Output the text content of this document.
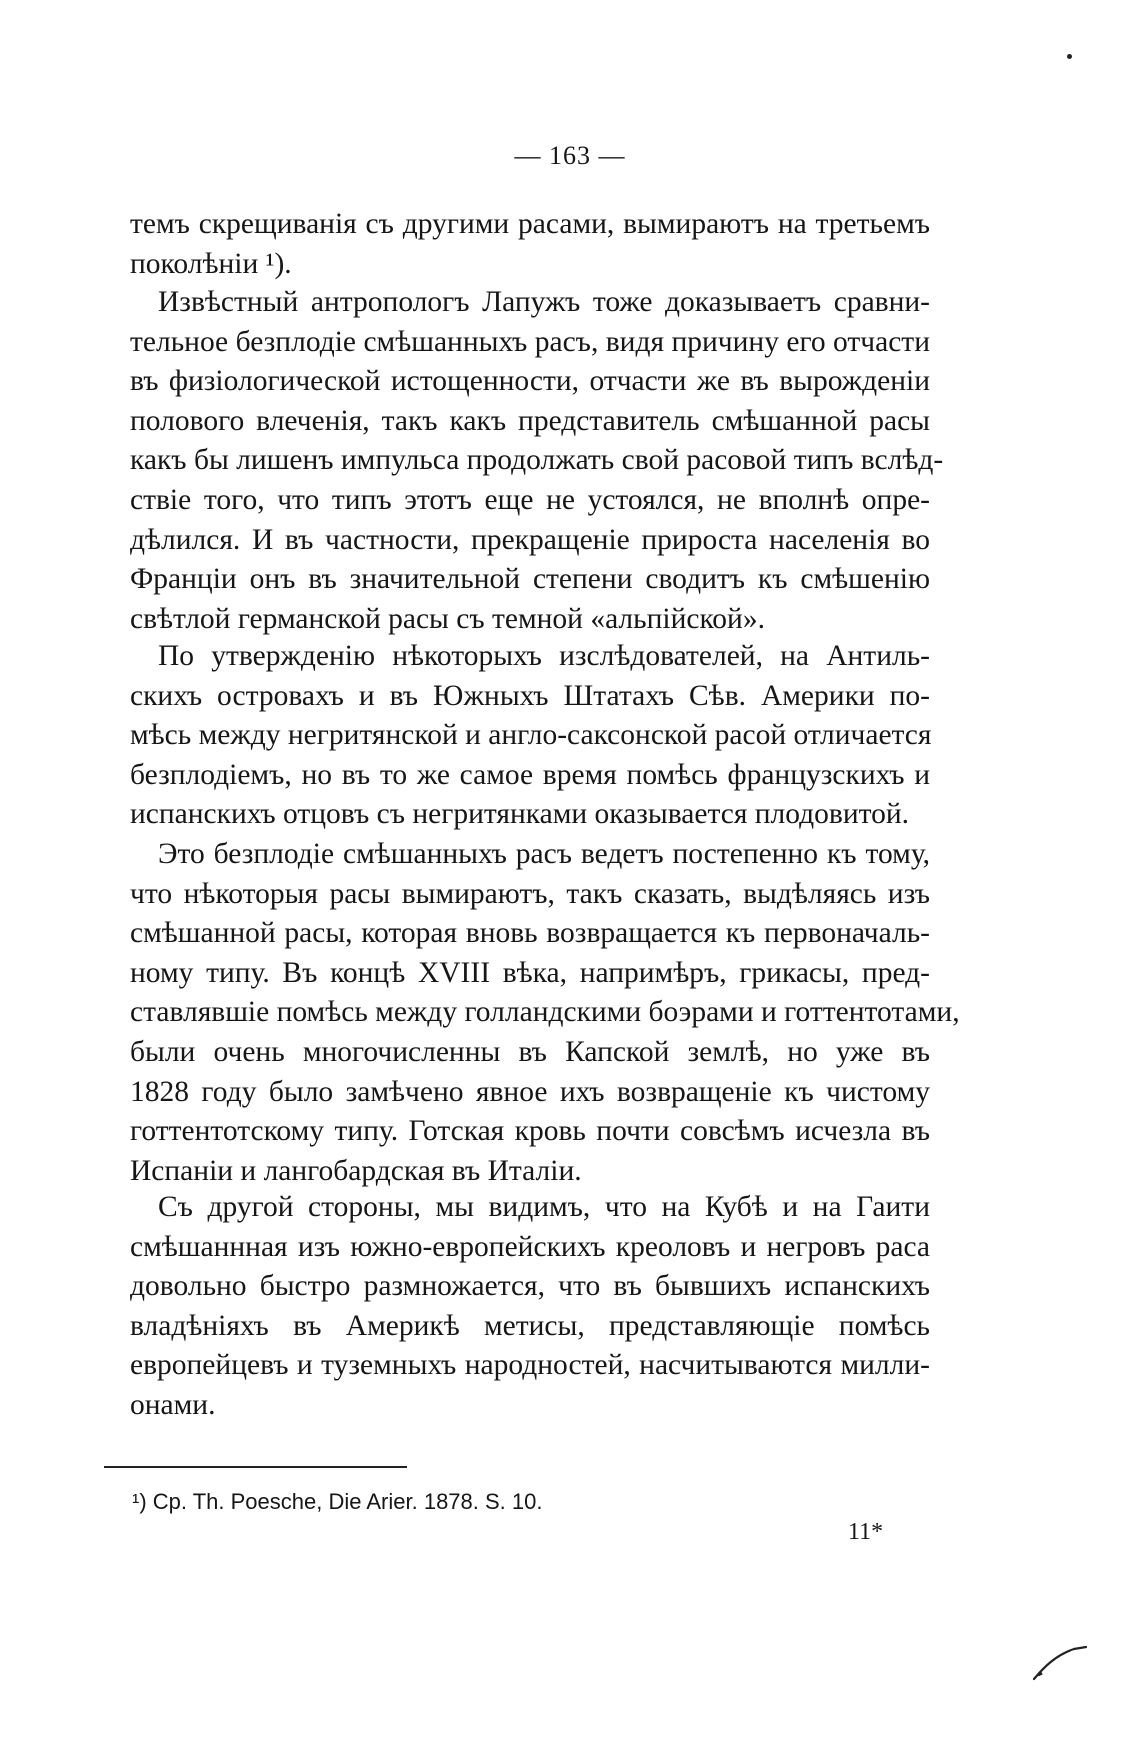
— 163 —
темъ скрещиванія съ другими расами, вымираютъ на третьемъ
поколѣніи ¹).
Извѣстный антропологъ Лапужъ тоже доказываетъ сравни-
тельное безплодіе смѣшанныхъ расъ, видя причину его отчасти
въ физіологической истощенности, отчасти же въ вырожденіи
полового влеченія, такъ какъ представитель смѣшанной расы
какъ бы лишенъ импульса продолжать свой расовой типъ вслѣд-
ствіе того, что типъ этотъ еще не устоялся, не вполнѣ опре-
дѣлился. И въ частности, прекращеніе прироста населенія во
Франціи онъ въ значительной степени сводитъ къ смѣшенію
свѣтлой германской расы съ темной «альпійской».
По утвержденію нѣкоторыхъ изслѣдователей, на Антиль-
скихъ островахъ и въ Южныхъ Штатахъ Сѣв. Америки по-
мѣсь между негритянской и англо-саксонской расой отличается
безплодіемъ, но въ то же самое время помѣсь французскихъ и
испанскихъ отцовъ съ негритянками оказывается плодовитой.
Это безплодіе смѣшанныхъ расъ ведетъ постепенно къ тому,
что нѣкоторыя расы вымираютъ, такъ сказать, выдѣляясь изъ
смѣшанной расы, которая вновь возвращается къ первоначаль-
ному типу. Въ концѣ XVIII вѣка, напримѣръ, грикасы, пред-
ставлявшіе помѣсь между голландскими боэрами и готтентотами,
были очень многочисленны въ Капской землѣ, но уже въ
1828 году было замѣчено явное ихъ возвращеніе къ чистому
готтентотскому типу. Готская кровь почти совсѣмъ исчезла въ
Испаніи и лангобардская въ Италіи.
Съ другой стороны, мы видимъ, что на Кубѣ и на Гаити
смѣшаннная изъ южно-европейскихъ креоловъ и негровъ раса
довольно быстро размножается, что въ бывшихъ испанскихъ
владѣніяхъ въ Америкѣ метисы, представляющіе помѣсь
европейцевъ и туземныхъ народностей, насчитываются милли-
онами.
¹) Cp. Th. Poesche, Die Arier. 1878. S. 10.
11*
